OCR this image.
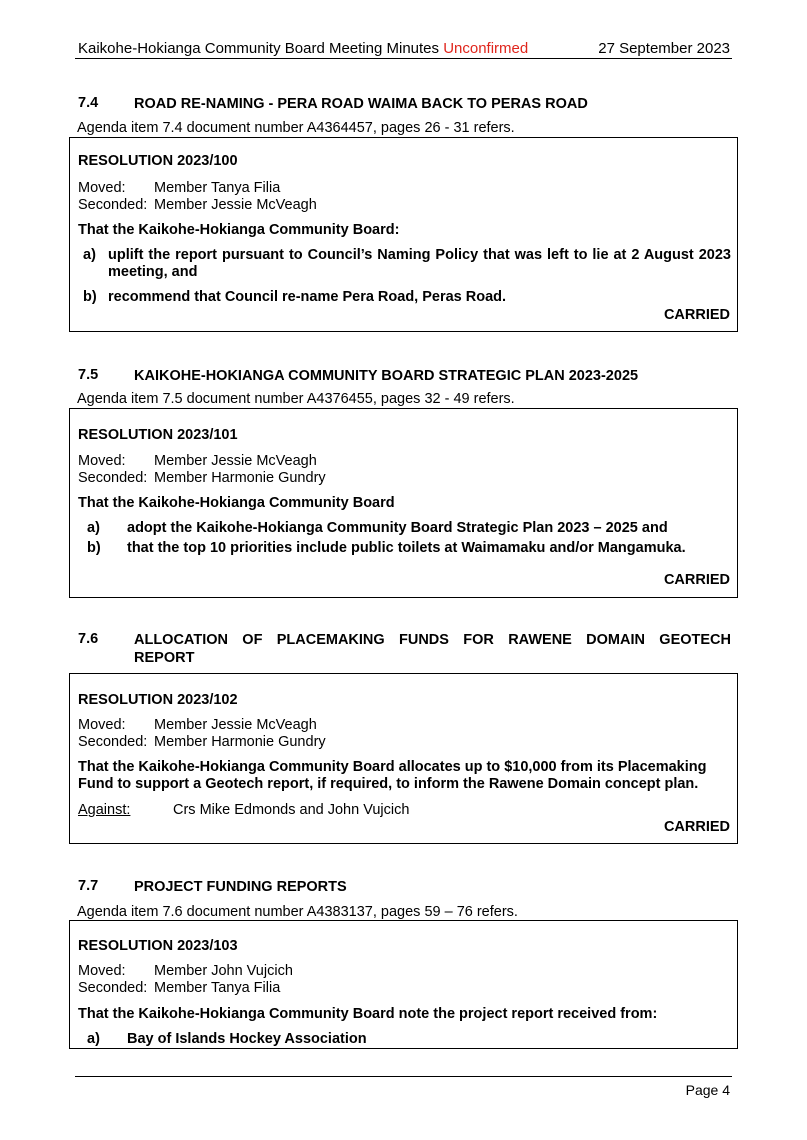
Kaikohe-Hokianga Community Board Meeting Minutes Unconfirmed	27 September 2023
7.4 ROAD RE-NAMING - PERA ROAD WAIMA BACK TO PERAS ROAD
Agenda item 7.4 document number A4364457, pages 26 - 31 refers.
RESOLUTION 2023/100
Moved: Member Tanya Filia
Seconded: Member Jessie McVeagh
That the Kaikohe-Hokianga Community Board:
a) uplift the report pursuant to Council’s Naming Policy that was left to lie at 2 August 2023 meeting, and
b) recommend that Council re-name Pera Road, Peras Road.
CARRIED
7.5 KAIKOHE-HOKIANGA COMMUNITY BOARD STRATEGIC PLAN 2023-2025
Agenda item 7.5 document number A4376455, pages 32 - 49 refers.
RESOLUTION 2023/101
Moved: Member Jessie McVeagh
Seconded: Member Harmonie Gundry
That the Kaikohe-Hokianga Community Board
a) adopt the Kaikohe-Hokianga Community Board Strategic Plan 2023 – 2025 and
b) that the top 10 priorities include public toilets at Waimamaku and/or Mangamuka.
CARRIED
7.6 ALLOCATION OF PLACEMAKING FUNDS FOR RAWENE DOMAIN GEOTECH
REPORT
RESOLUTION 2023/102
Moved: Member Jessie McVeagh
Seconded: Member Harmonie Gundry
That the Kaikohe-Hokianga Community Board allocates up to $10,000 from its Placemaking
Fund to support a Geotech report, if required, to inform the Rawene Domain concept plan.
Against:	Crs Mike Edmonds and John Vujcich
CARRIED
7.7 PROJECT FUNDING REPORTS
Agenda item 7.6 document number A4383137, pages 59 – 76 refers.
RESOLUTION 2023/103
Moved: Member John Vujcich
Seconded: Member Tanya Filia
That the Kaikohe-Hokianga Community Board note the project report received from:
a) Bay of Islands Hockey Association
Page 4
